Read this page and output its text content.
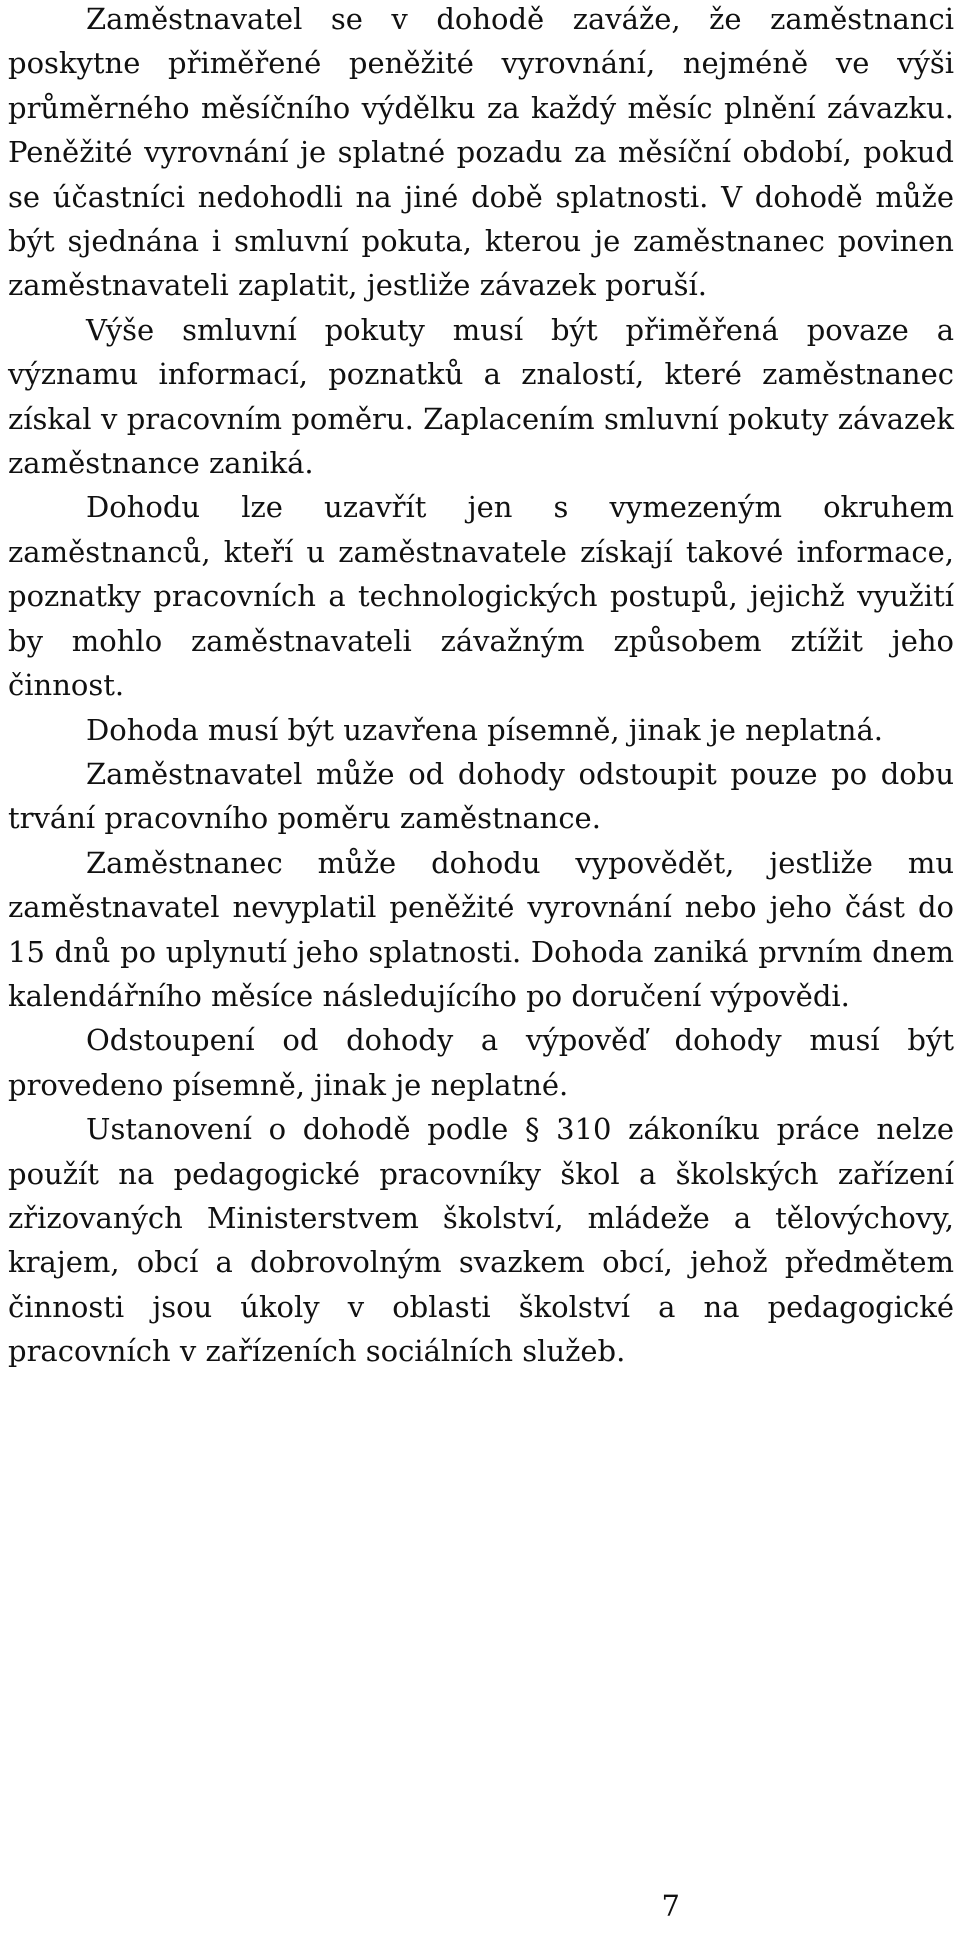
Zaměstnavatel se v dohodě zaváže, že zaměstnanci poskytne přiměřené peněžité vyrovnání, nejméně ve výši průměrného měsíčního výdělku za každý měsíc plnění závazku. Peněžité vyrovnání je splatné pozadu za měsíční období, pokud se účastníci nedohodli na jiné době splatnosti. V dohodě může být sjednána i smluvní pokuta, kterou je zaměstnanec povinen zaměstnavateli zaplatit, jestliže závazek poruší.

Výše smluvní pokuty musí být přiměřená povaze a významu informací, poznatků a znalostí, které zaměstnanec získal v pracovním poměru. Zaplacením smluvní pokuty závazek zaměstnance zaniká.

Dohodu lze uzavřít jen s vymezeným okruhem zaměstnanců, kteří u zaměstnavatele získají takové informace, poznatky pracovních a technologických postupů, jejichž využití by mohlo zaměstnavateli závažným způsobem ztížit jeho činnost.

Dohoda musí být uzavřena písemně, jinak je neplatná.

Zaměstnavatel může od dohody odstoupit pouze po dobu trvání pracovního poměru zaměstnance.

Zaměstnanec může dohodu vypovědět, jestliže mu zaměstnavatel nevyplatil peněžité vyrovnání nebo jeho část do 15 dnů po uplynutí jeho splatnosti. Dohoda zaniká prvním dnem kalendářního měsíce následujícího po doručení výpovědi.

Odstoupení od dohody a výpověď dohody musí být provedeno písemně, jinak je neplatné.

Ustanovení o dohodě podle § 310 zákoníku práce nelze použít na pedagogické pracovníky škol a školských zařízení zřizovaných Ministerstvem školství, mládeže a tělovýchovy, krajem, obcí a dobrovolným svazkem obcí, jehož předmětem činnosti jsou úkoly v oblasti školství a na pedagogické pracovních v zařízeních sociálních služeb.

7
